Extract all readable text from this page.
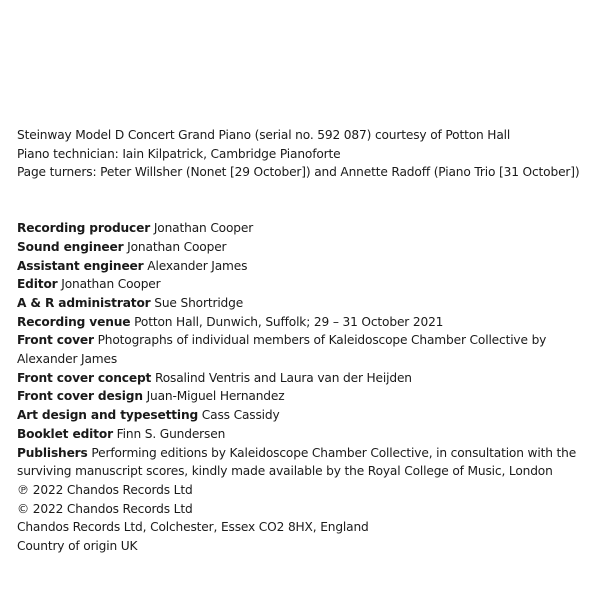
Steinway Model D Concert Grand Piano (serial no. 592 087) courtesy of Potton Hall
Piano technician: Iain Kilpatrick, Cambridge Pianoforte
Page turners: Peter Willsher (Nonet [29 October]) and Annette Radoff (Piano Trio [31 October])
Recording producer Jonathan Cooper
Sound engineer Jonathan Cooper
Assistant engineer Alexander James
Editor Jonathan Cooper
A & R administrator Sue Shortridge
Recording venue Potton Hall, Dunwich, Suffolk; 29 – 31 October 2021
Front cover Photographs of individual members of Kaleidoscope Chamber Collective by Alexander James
Front cover concept Rosalind Ventris and Laura van der Heijden
Front cover design Juan-Miguel Hernandez
Art design and typesetting Cass Cassidy
Booklet editor Finn S. Gundersen
Publishers Performing editions by Kaleidoscope Chamber Collective, in consultation with the surviving manuscript scores, kindly made available by the Royal College of Music, London
℗ 2022 Chandos Records Ltd
© 2022 Chandos Records Ltd
Chandos Records Ltd, Colchester, Essex CO2 8HX, England
Country of origin UK
